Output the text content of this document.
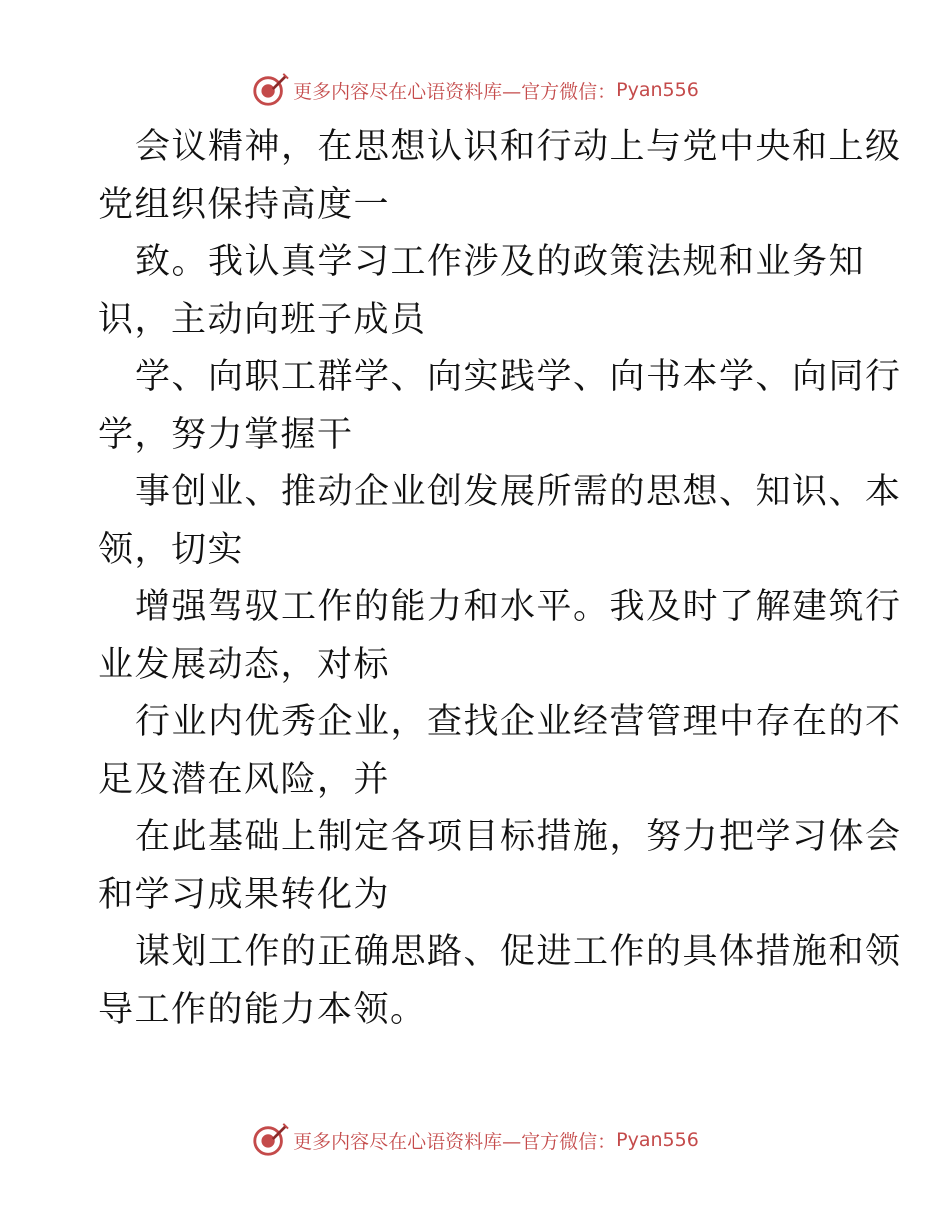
更多内容尽在心语资料库—官方微信： Pyan556
会议精神，在思想认识和行动上与党中央和上级
党组织保持高度一
致。我认真学习工作涉及的政策法规和业务知
识，主动向班子成员
学、向职工群学、向实践学、向书本学、向同行
学，努力掌握干
事创业、推动企业创发展所需的思想、知识、本
领，切实
增强驾驭工作的能力和水平。我及时了解建筑行
业发展动态，对标
行业内优秀企业，查找企业经营管理中存在的不
足及潜在风险，并
在此基础上制定各项目标措施，努力把学习体会
和学习成果转化为
谋划工作的正确思路、促进工作的具体措施和领
导工作的能力本领。
更多内容尽在心语资料库—官方微信： Pyan556
